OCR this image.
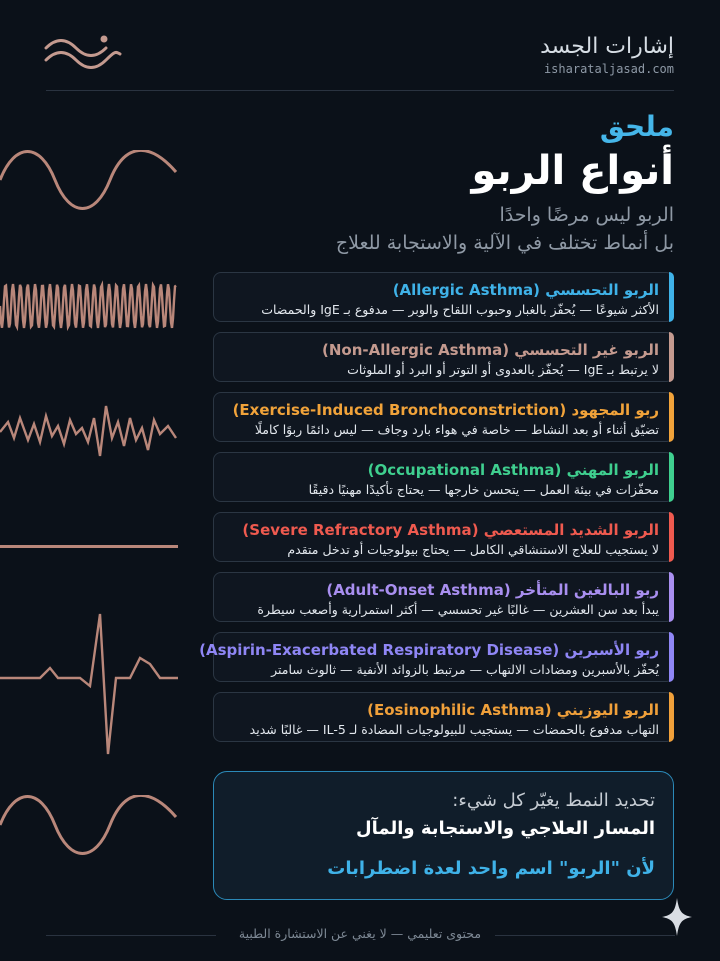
إشارات الجسد
isharataljasad.com
ملحق
أنواع الربو
الربو ليس مرضًا واحدًا
بل أنماط تختلف في الآلية والاستجابة للعلاج
الربو التحسسي (Allergic Asthma)
الأكثر شيوعًا — يُحفّز بالغبار وحبوب اللقاح والوبر — مدفوع بـ IgE والحمضات
الربو غير التحسسي (Non-Allergic Asthma)
لا يرتبط بـ IgE — يُحفّز بالعدوى أو التوتر أو البرد أو الملوثات
ربو المجهود (Exercise-Induced Bronchoconstriction)
تضيّق أثناء أو بعد النشاط — خاصة في هواء بارد وجاف — ليس دائمًا ربوًا كاملًا
الربو المهني (Occupational Asthma)
محفّزات في بيئة العمل — يتحسن خارجها — يحتاج تأكيدًا مهنيًا دقيقًا
الربو الشديد المستعصي (Severe Refractory Asthma)
لا يستجيب للعلاج الاستنشاقي الكامل — يحتاج بيولوجيات أو تدخل متقدم
ربو البالغين المتأخر (Adult-Onset Asthma)
يبدأ بعد سن العشرين — غالبًا غير تحسسي — أكثر استمرارية وأصعب سيطرة
ربو الأسبرين (Aspirin-Exacerbated Respiratory Disease)
يُحفّز بالأسبرين ومضادات الالتهاب — مرتبط بالزوائد الأنفية — ثالوث سامتر
الربو اليوزيني (Eosinophilic Asthma)
التهاب مدفوع بالحمضات — يستجيب للبيولوجيات المضادة لـ IL-5 — غالبًا شديد
تحديد النمط يغيّر كل شيء:
المسار العلاجي والاستجابة والمآل
لأن "الربو" اسم واحد لعدة اضطرابات
محتوى تعليمي — لا يغني عن الاستشارة الطبية
